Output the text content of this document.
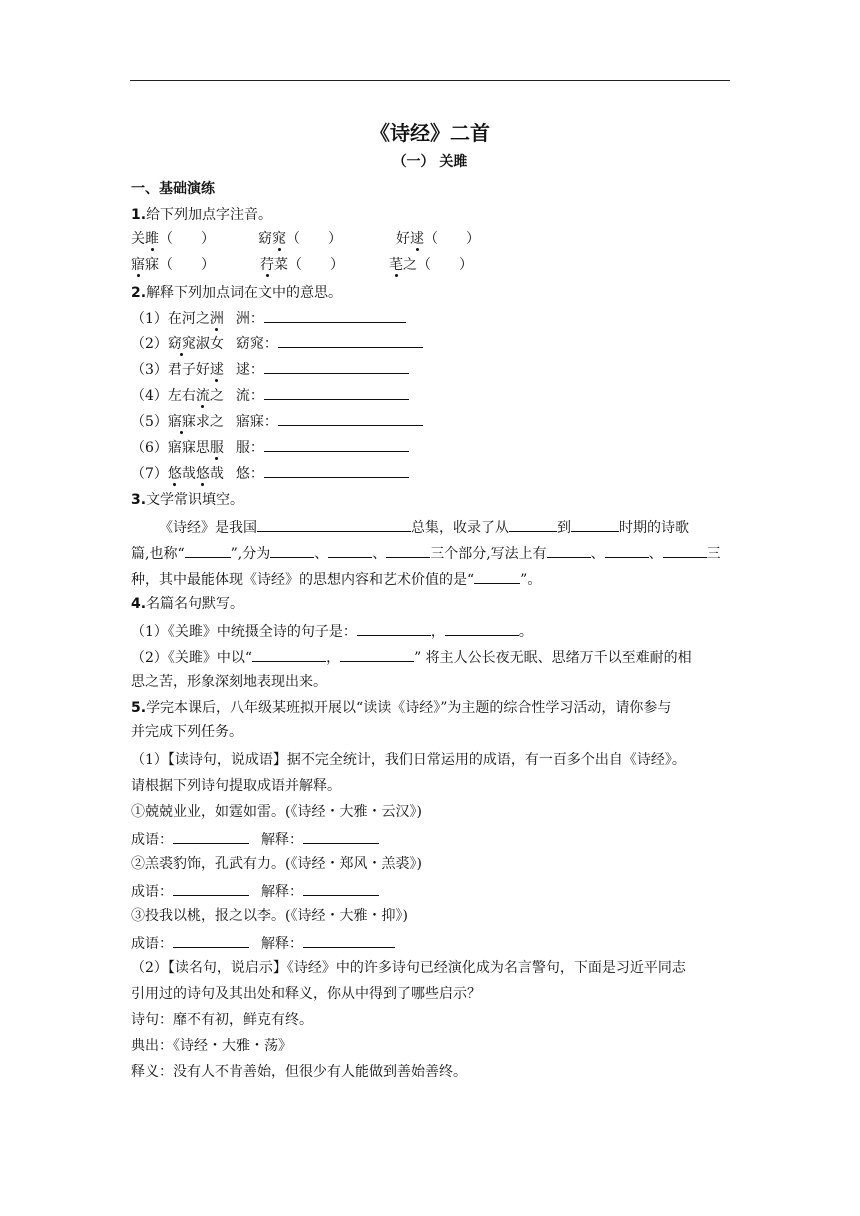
《诗经》二首
（一） 关雎
一、基础演练
1.给下列加点字注音。
关雎（ ）	窈窕（ ）	好逑（ ）
寤寐（ ）	荇菜（ ）	芼之（ ）
2.解释下列加点词在文中的意思。
（1）在河之洲 洲：
（2）窈窕淑女 窈窕：
（3）君子好逑 逑：
（4）左右流之 流：
（5）寤寐求之 寤寐：
（6）寤寐思服 服：
（7）悠哉悠哉 悠：
3.文学常识填空。
《诗经》是我国	总集，收录了从	到	时期的诗歌
篇,也称“	”,分为	、	、	三个部分,写法上有	、	、	三
种，其中最能体现《诗经》的思想内容和艺术价值的是“	”。
4.名篇名句默写。
（1）《关雎》中统摄全诗的句子是：	，	。
（2）《关雎》中以“	，	” 将主人公长夜无眠、思绪万千以至难耐的相
思之苦，形象深刻地表现出来。
5.学完本课后，八年级某班拟开展以“读读《诗经》”为主题的综合性学习活动，请你参与
并完成下列任务。
（1）【读诗句，说成语】据不完全统计，我们日常运用的成语，有一百多个出自《诗经》。
请根据下列诗句提取成语并解释。
①兢兢业业，如霆如雷。(《诗经・大雅・云汉》)
成语：	解释：
②羔裘豹饰，孔武有力。(《诗经・郑风・羔裘》)
成语：	解释：
③投我以桃，报之以李。(《诗经・大雅・抑》)
成语：	解释：
（2）【读名句，说启示】《诗经》中的许多诗句已经演化成为名言警句，下面是习近平同志
引用过的诗句及其出处和释义，你从中得到了哪些启示？
诗句：靡不有初，鲜克有终。
典出：《诗经・大雅・荡》
释义：没有人不肯善始，但很少有人能做到善始善终。
